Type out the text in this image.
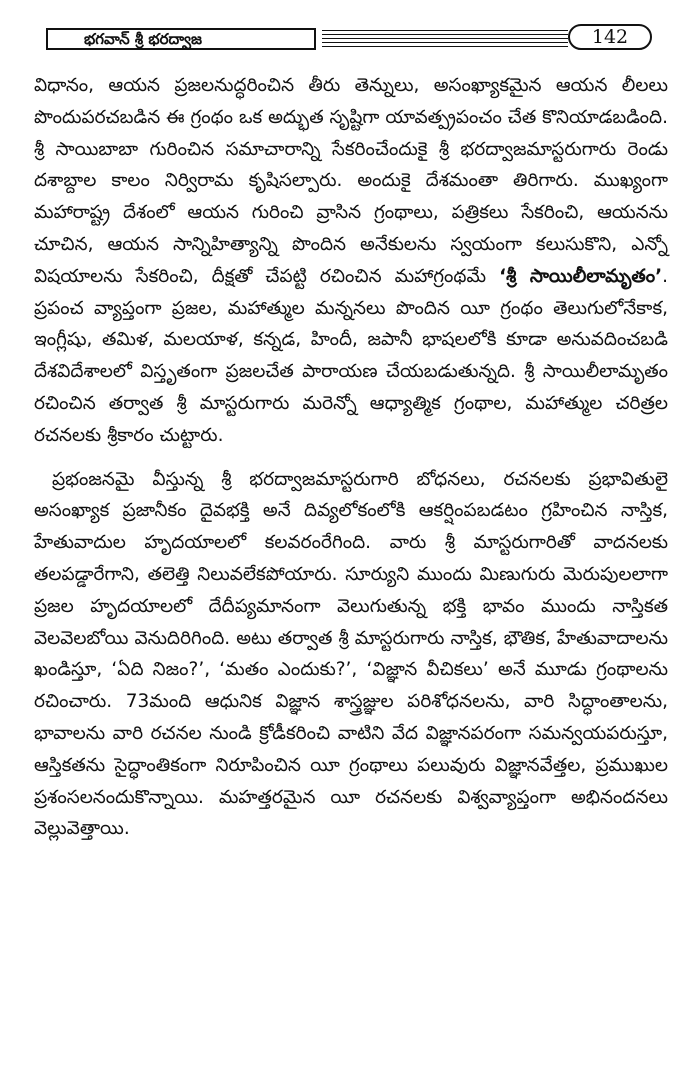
భగవాన్ శ్రీ భరద్వాజ	142

విధానం, ఆయన ప్రజలనుద్ధరించిన తీరు తెన్నులు, అసంఖ్యాకమైన ఆయన లీలలు పొందుపరచబడిన ఈ గ్రంథం ఒక అద్భుత సృష్టిగా యావత్ప్రపంచం చేత కొనియాడబడింది. శ్రీ సాయిబాబా గురించిన సమాచారాన్ని సేకరించేందుకై శ్రీ భరద్వాజమాస్టరుగారు రెండు దశాబ్దాల కాలం నిర్విరామ కృషిసల్పారు. అందుకై దేశమంతా తిరిగారు. ముఖ్యంగా మహారాష్ట్ర దేశంలో ఆయన గురించి వ్రాసిన గ్రంథాలు, పత్రికలు సేకరించి, ఆయనను చూచిన, ఆయన సాన్నిహిత్యాన్ని పొందిన అనేకులను స్వయంగా కలుసుకొని, ఎన్నో విషయాలను సేకరించి, దీక్షతో చేపట్టి రచించిన మహాగ్రంథమే ‘శ్రీ సాయిలీలామృతం’. ప్రపంచ వ్యాప్తంగా ప్రజల, మహాత్ముల మన్ననలు పొందిన యీ గ్రంథం తెలుగులోనేకాక, ఇంగ్లీషు, తమిళ, మలయాళ, కన్నడ, హిందీ, జపానీ భాషలలోకి కూడా అనువదించబడి దేశవిదేశాలలో విస్తృతంగా ప్రజలచేత పారాయణ చేయబడుతున్నది. శ్రీ సాయిలీలామృతం రచించిన తర్వాత శ్రీ మాస్టరుగారు మరెన్నో ఆధ్యాత్మిక గ్రంథాల, మహాత్ముల చరిత్రల రచనలకు శ్రీకారం చుట్టారు.

ప్రభంజనమై వీస్తున్న శ్రీ భరద్వాజమాస్టరుగారి బోధనలు, రచనలకు ప్రభావితులై అసంఖ్యాక ప్రజానీకం దైవభక్తి అనే దివ్యలోకంలోకి ఆకర్షింపబడటం గ్రహించిన నాస్తిక, హేతువాదుల హృదయాలలో కలవరంరేగింది. వారు శ్రీ మాస్టరుగారితో వాదనలకు తలపడ్డారేగాని, తలెత్తి నిలువలేకపోయారు. సూర్యుని ముందు మిణుగురు మెరుపులలాగా ప్రజల హృదయాలలో దేదీప్యమానంగా వెలుగుతున్న భక్తి భావం ముందు నాస్తికత వెలవెలబోయి వెనుదిరిగింది. అటు తర్వాత శ్రీ మాస్టరుగారు నాస్తిక, భౌతిక, హేతువాదాలను ఖండిస్తూ, ‘ఏది నిజం?’, ‘మతం ఎందుకు?’, ‘విజ్ఞాన వీచికలు’ అనే మూడు గ్రంథాలను రచించారు. 73మంది ఆధునిక విజ్ఞాన శాస్త్రజ్ఞుల పరిశోధనలను, వారి సిద్ధాంతాలను, భావాలను వారి రచనల నుండి క్రోడీకరించి వాటిని వేద విజ్ఞానపరంగా సమన్వయపరుస్తూ, ఆస్తికతను సైద్ధాంతికంగా నిరూపించిన యీ గ్రంథాలు పలువురు విజ్ఞానవేత్తల, ప్రముఖుల ప్రశంసలనందుకొన్నాయి. మహత్తరమైన యీ రచనలకు విశ్వవ్యాప్తంగా అభినందనలు వెల్లువెత్తాయి.
